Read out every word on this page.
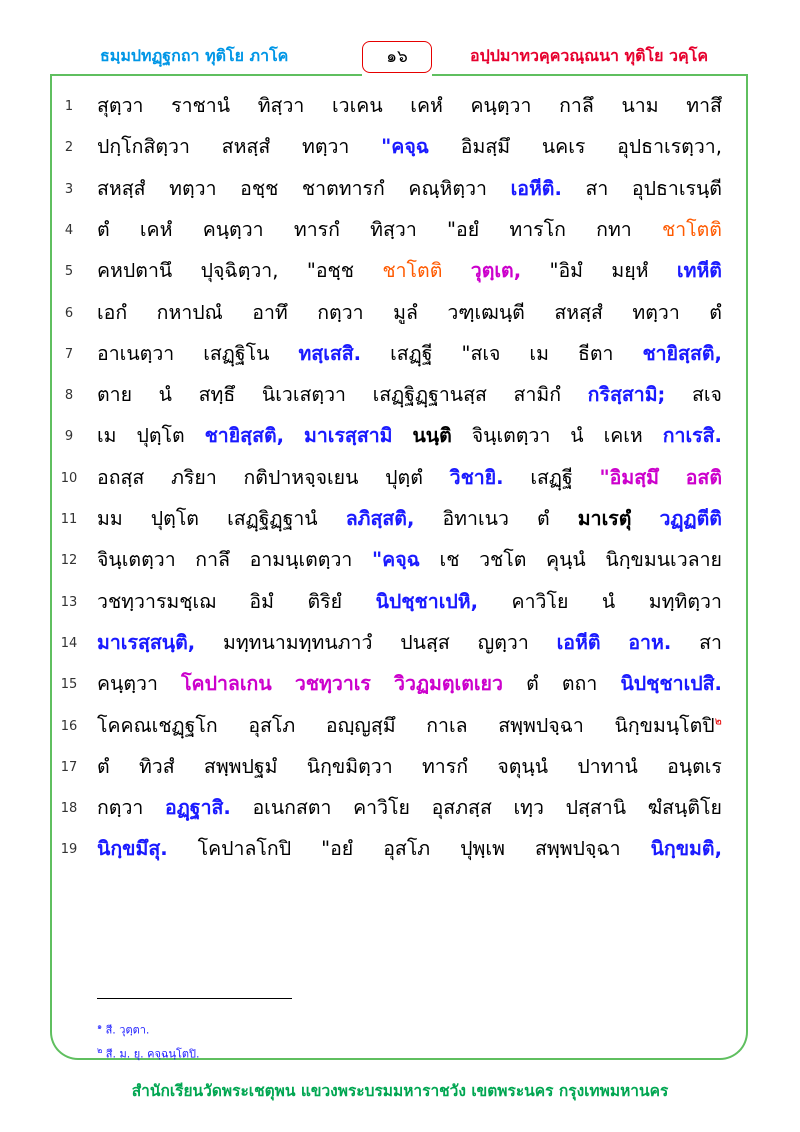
ธมฺมปทฏฺฐกถา ทุติโย ภาโค	๑๖	อปฺปมาทวคฺควณฺณนา ทุติโย วคฺโค
1	สุตฺวา ราชานํ ทิสฺวา เวเคน เคหํ คนฺตฺวา กาลึ นาม ทาสึ
2	ปกฺโกสิตฺวา สหสฺสํ ทตฺวา "คจฺฉ อิมสฺมึ นคเร อุปธาเรตฺวา,
3	สหสฺสํ ทตฺวา อชฺช ชาตทารกํ คณฺหิตฺวา เอหีติ. สา อุปธาเรนฺตี
4	ตํ เคหํ คนฺตฺวา ทารกํ ทิสฺวา "อยํ ทารโก กทา ชาโตติ
5	คหปตานึ ปุจฺฉิตฺวา, "อชฺช ชาโตติ วุตฺเต, "อิมํ มยฺหํ เทหีติ
6	เอกํ กหาปณํ อาทึ กตฺวา มูลํ วฑฺเฒนฺตี สหสฺสํ ทตฺวา ตํ
7	อาเนตฺวา เสฏฺฐิโน ทสฺเสสิ. เสฏฺฐี "สเจ เม ธีตา ชายิสฺสติ,
8	ตาย นํ สทฺธึ นิเวเสตฺวา เสฏฺฐิฏฺฐานสฺส สามิกํ กริสฺสามิ; สเจ
9	เม ปุตฺโต ชายิสฺสติ, มาเรสฺสามิ นนฺติ จินฺเตตฺวา นํ เคเห กาเรสิ.
10 อถสฺส ภริยา กติปาหจฺจเยน ปุตฺตํ วิชายิ. เสฏฺฐี "อิมสฺมึ อสติ
11 มม ปุตฺโต เสฏฺฐิฏฺฐานํ ลภิสฺสติ, อิทาเนว ตํ มาเรตุํ วฏฺฏตีติ
12 จินฺเตตฺวา กาลึ อามนฺเตตฺวา "คจฺฉ เช วชโต คุนฺนํ นิกฺขมนเวลาย
13 วชทฺวารมชฺเฌ อิมํ ติริยํ นิปชฺชาเปหิ, คาวิโย นํ มทฺทิตฺวา
14 มาเรสฺสนฺติ, มทฺทนามทฺทนภาวํ ปนสฺส ญตฺวา เอหีติ อาห. สา
15 คนฺตฺวา โคปาลเกน วชทฺวาเร วิวฏมตฺเตเยว ตํ ตถา นิปชฺชาเปสิ.
16 โคคณเชฏฺฐโก อุสโภ อญฺญสฺมึ กาเล สพฺพปจฺฉา นิกฺขมนฺโตปิ$^๒$
17 ตํ ทิวสํ สพฺพปฐมํ นิกฺขมิตฺวา ทารกํ จตุนฺนํ ปาทานํ อนฺตเร
18 กตฺวา อฏฺฐาสิ. อเนกสตา คาวิโย อุสภสฺส เทฺว ปสฺสานิ ฆํสนฺติโย
19 นิกฺขมึสุ. โคปาลโกปิ "อยํ อุสโภ ปุพฺเพ สพฺพปจฺฉา นิกฺขมติ,
$^๑$ สี. วุตฺตา.
$^๒$ สี. ม. ยุ. คจฺฉนฺโตปิ.
สำนักเรียนวัดพระเชตุพน แขวงพระบรมมหาราชวัง เขตพระนคร กรุงเทพมหานคร
